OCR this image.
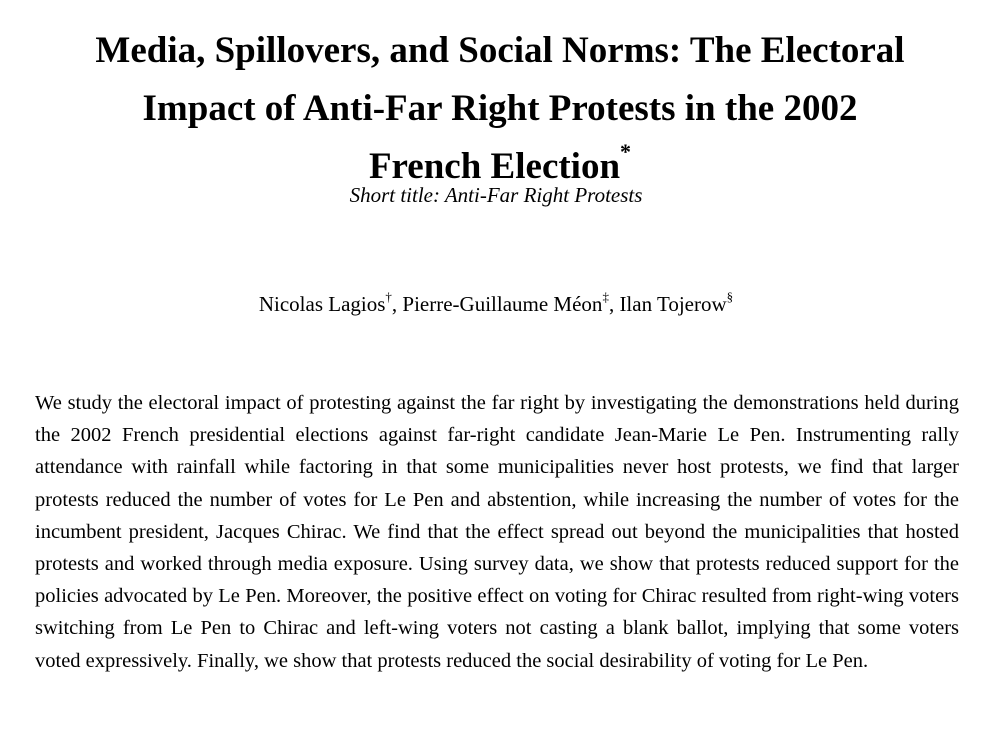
Media, Spillovers, and Social Norms: The Electoral
Impact of Anti-Far Right Protests in the 2002
French Election*

Short title: Anti-Far Right Protests

Nicolas Lagios†, Pierre-Guillaume Méon‡, Ilan Tojerow§

We study the electoral impact of protesting against the far right by investigating the demonstrations held during the 2002 French presidential elections against far-right candidate Jean-Marie Le Pen. Instrumenting rally attendance with rainfall while factoring in that some municipalities never host protests, we find that larger protests reduced the number of votes for Le Pen and abstention, while increasing the number of votes for the incumbent president, Jacques Chirac. We find that the effect spread out beyond the municipalities that hosted protests and worked through media exposure. Using survey data, we show that protests reduced support for the policies advocated by Le Pen. Moreover, the positive effect on voting for Chirac resulted from right-wing voters switching from Le Pen to Chirac and left-wing voters not casting a blank ballot, implying that some voters voted expressively. Finally, we show that protests reduced the social desirability of voting for Le Pen.
